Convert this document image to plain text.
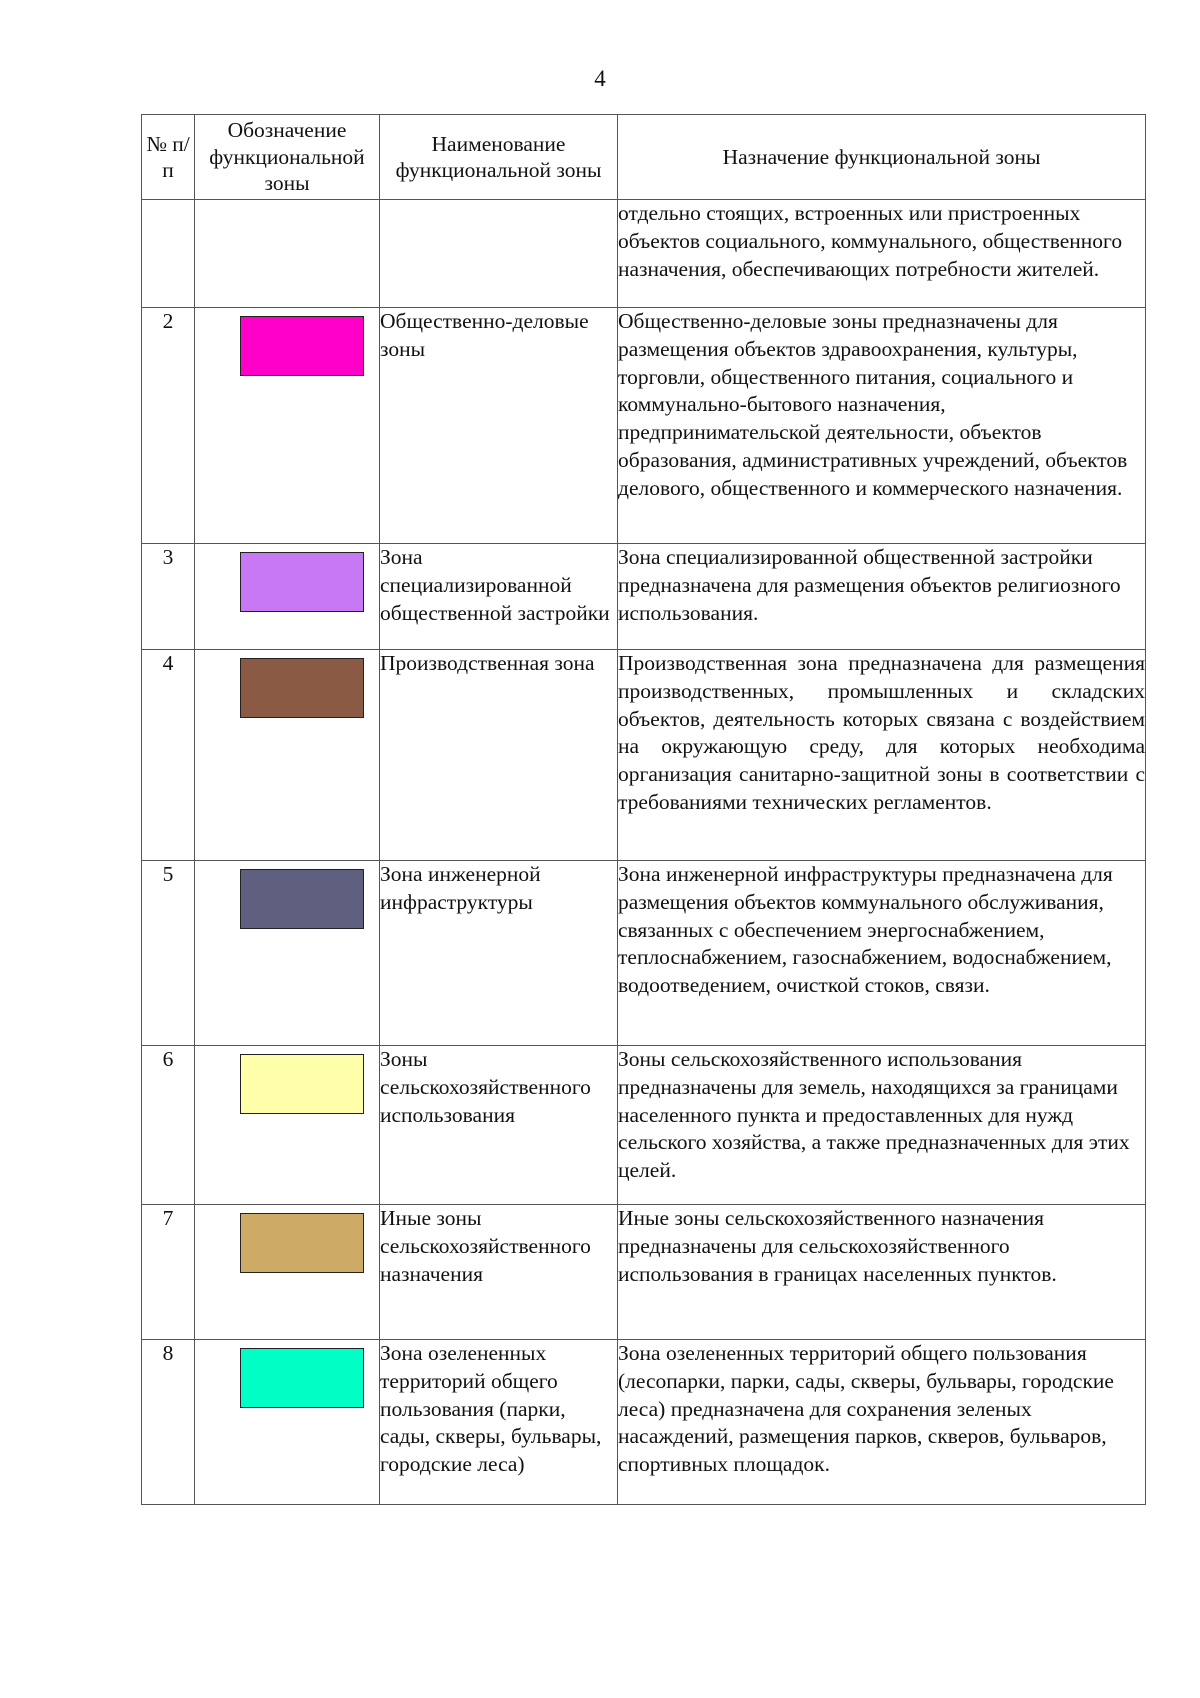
4
№ п/п	Обозначение функциональной зоны	Наименование функциональной зоны	Назначение функциональной зоны
			отдельно стоящих, встроенных или пристроенных объектов социального, коммунального, общественного назначения, обеспечивающих потребности жителей.
2		Общественно-деловые зоны	Общественно-деловые зоны предназначены для размещения объектов здравоохранения, культуры, торговли, общественного питания, социального и коммунально-бытового назначения, предпринимательской деятельности, объектов образования, административных учреждений, объектов делового, общественного и коммерческого назначения.
3		Зона специализированной общественной застройки	Зона специализированной общественной застройки предназначена для размещения объектов религиозного использования.
4		Производственная зона	Производственная зона предназначена для размещения производственных, промышленных и складских объектов, деятельность которых связана с воздействием на окружающую среду, для которых необходима организация санитарно-защитной зоны в соответствии с требованиями технических регламентов.
5		Зона инженерной инфраструктуры	Зона инженерной инфраструктуры предназначена для размещения объектов коммунального обслуживания, связанных с обеспечением энергоснабжением, теплоснабжением, газоснабжением, водоснабжением, водоотведением, очисткой стоков, связи.
6		Зоны сельскохозяйственного использования	Зоны сельскохозяйственного использования предназначены для земель, находящихся за границами населенного пункта и предоставленных для нужд сельского хозяйства, а также предназначенных для этих целей.
7		Иные зоны сельскохозяйственного назначения	Иные зоны сельскохозяйственного назначения предназначены для сельскохозяйственного использования в границах населенных пунктов.
8		Зона озелененных территорий общего пользования (парки, сады, скверы, бульвары, городские леса)	Зона озелененных территорий общего пользования (лесопарки, парки, сады, скверы, бульвары, городские леса) предназначена для сохранения зеленых насаждений, размещения парков, скверов, бульваров, спортивных площадок.
